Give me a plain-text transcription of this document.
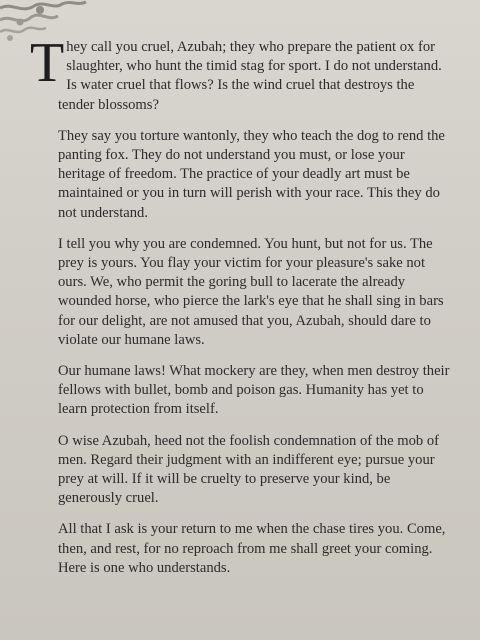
They call you cruel, Azubah; they who prepare the patient ox for slaughter, who hunt the timid stag for sport. I do not understand. Is water cruel that flows? Is the wind cruel that destroys the tender blossoms?

They say you torture wantonly, they who teach the dog to rend the panting fox. They do not understand you must, or lose your heritage of freedom. The practice of your deadly art must be maintained or you in turn will perish with your race. This they do not understand.

I tell you why you are condemned. You hunt, but not for us. The prey is yours. You flay your victim for your pleasure's sake not ours. We, who permit the goring bull to lacerate the already wounded horse, who pierce the lark's eye that he shall sing in bars for our delight, are not amused that you, Azubah, should dare to violate our humane laws.

Our humane laws! What mockery are they, when men destroy their fellows with bullet, bomb and poison gas. Humanity has yet to learn protection from itself.

O wise Azubah, heed not the foolish condemnation of the mob of men. Regard their judgment with an indifferent eye; pursue your prey at will. If it will be cruelty to preserve your kind, be generously cruel.

All that I ask is your return to me when the chase tires you. Come, then, and rest, for no reproach from me shall greet your coming. Here is one who understands.
